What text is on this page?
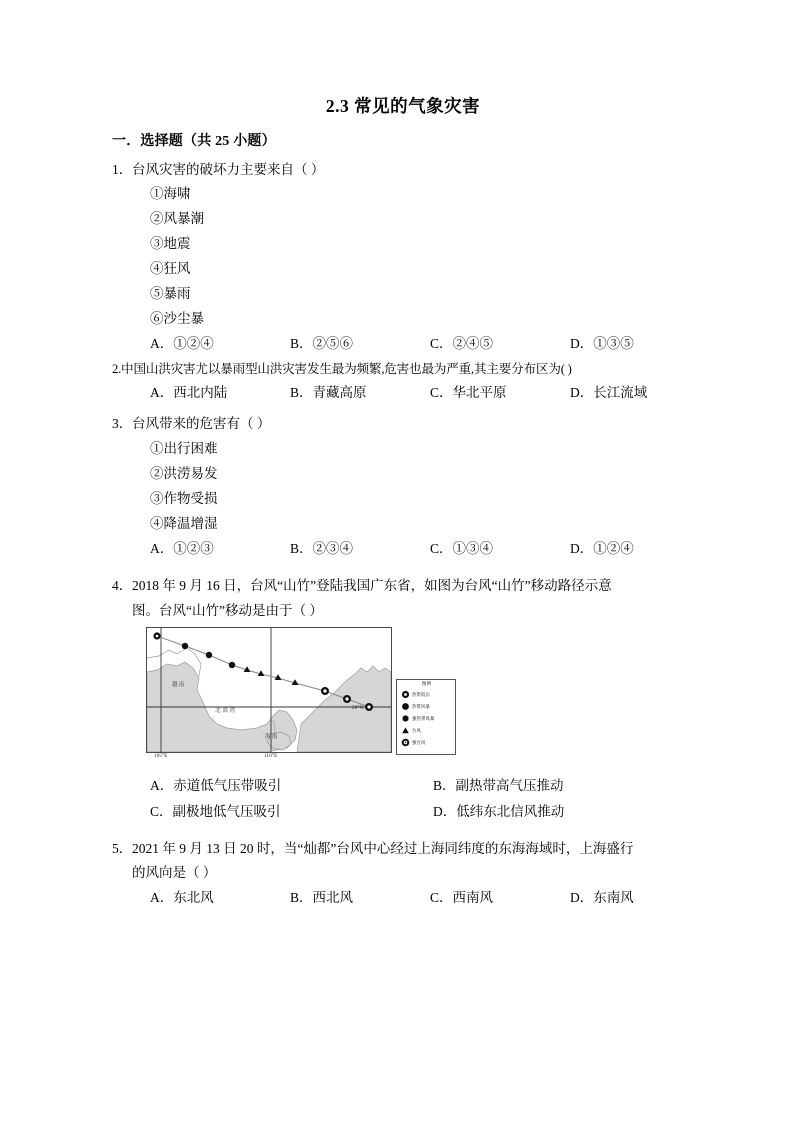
2.3 常见的气象灾害
一．选择题（共 25 小题）
1．台风灾害的破坏力主要来自（ ）
①海啸
②风暴潮
③地震
④狂风
⑤暴雨
⑥沙尘暴
A．①②④	B．②⑤⑥	C．②④⑤	D．①③⑤
2.中国山洪灾害尤以暴雨型山洪灾害发生最为频繁,危害也最为严重,其主要分布区为( )
A．西北内陆	B．青藏高原	C．华北平原	D．长江流域
3．台风带来的危害有（ ）
①出行困难
②洪涝易发
③作物受损
④降温增湿
A．①②③	B．②③④	C．①③④	D．①②④
4．2018 年 9 月 16 日，台风“山竹”登陆我国广东省，如图为台风“山竹”移动路径示意
图。台风“山竹”移动是由于（ ）
越南
北部湾
海南
20°N
105°E	110°E
图例
热带低压
热带风暴
强热带风暴
台风
强台风
A．赤道低气压带吸引	B．副热带高气压推动
C．副极地低气压吸引	D．低纬东北信风推动
5．2021 年 9 月 13 日 20 时，当“灿都”台风中心经过上海同纬度的东海海域时，上海盛行
的风向是（ ）
A．东北风	B．西北风	C．西南风	D．东南风
